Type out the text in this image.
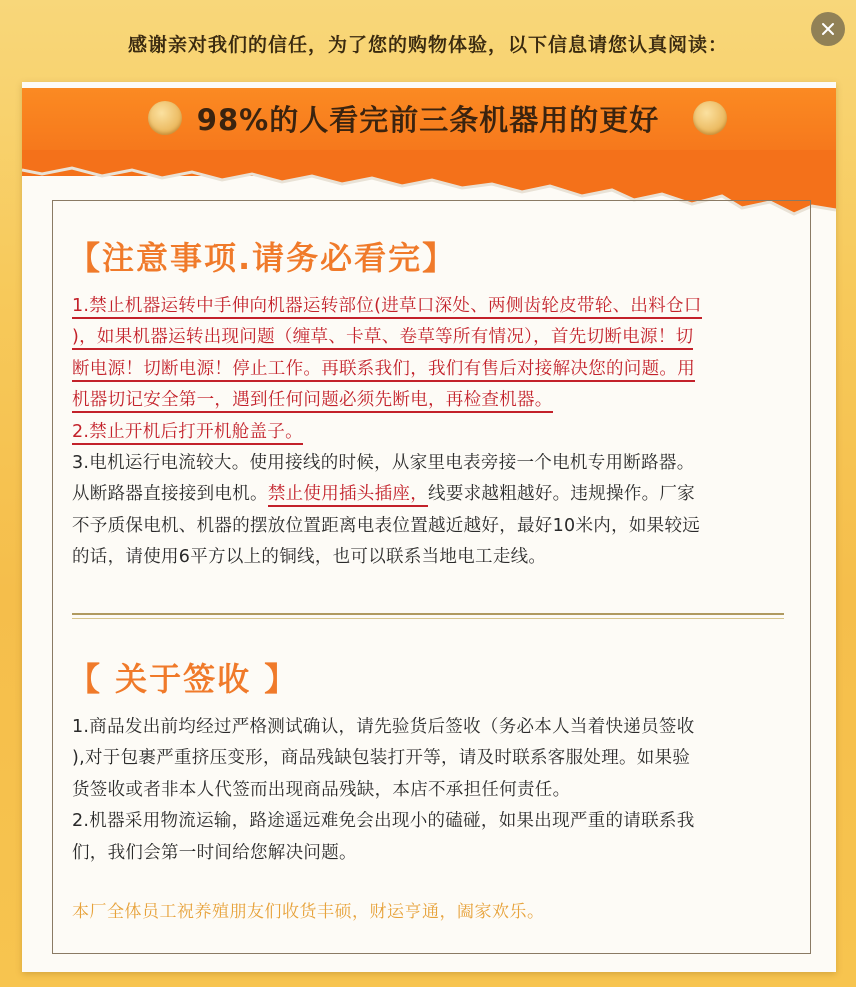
感谢亲对我们的信任，为了您的购物体验，以下信息请您认真阅读：
98%的人看完前三条机器用的更好
【注意事项.请务必看完】
1.禁止机器运转中手伸向机器运转部位(进草口深处、两侧齿轮皮带轮、出料仓口
)，如果机器运转出现问题（缠草、卡草、卷草等所有情况），首先切断电源！切
断电源！切断电源！停止工作。再联系我们，我们有售后对接解决您的问题。用
机器切记安全第一，遇到任何问题必须先断电，再检查机器。
2.禁止开机后打开机舱盖子。
3.电机运行电流较大。使用接线的时候，从家里电表旁接一个电机专用断路器。
从断路器直接接到电机。禁止使用插头插座，线要求越粗越好。违规操作。厂家
不予质保电机、机器的摆放位置距离电表位置越近越好，最好10米内，如果较远
的话，请使用6平方以上的铜线，也可以联系当地电工走线。
【 关于签收 】
1.商品发出前均经过严格测试确认，请先验货后签收（务必本人当着快递员签收
),对于包裹严重挤压变形，商品残缺包装打开等，请及时联系客服处理。如果验
货签收或者非本人代签而出现商品残缺，本店不承担任何责任。
2.机器采用物流运输，路途遥远难免会出现小的磕碰，如果出现严重的请联系我
们，我们会第一时间给您解决问题。
本厂全体员工祝养殖朋友们收货丰硕，财运亨通，阖家欢乐。
